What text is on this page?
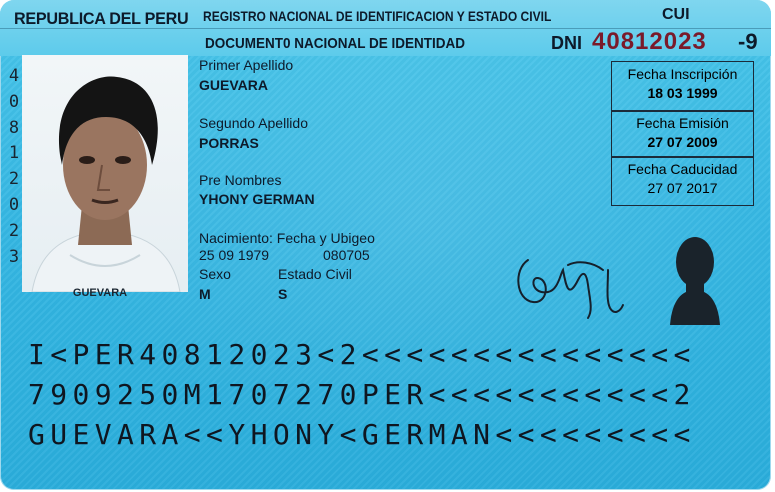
REPUBLICA DEL PERU REGISTRO NACIONAL DE IDENTIFICACION Y ESTADO CIVIL	CUI
DOCUMENT0 NACIONAL DE IDENTIDAD	DNI 40812023 -9
4
0
8
1
2
0
2
3
GUEVARA
Primer Apellido
GUEVARA
Segundo Apellido
PORRAS
Pre Nombres
YHONY GERMAN
Nacimiento: Fecha y Ubigeo
25 09 1979	080705
Sexo	Estado Civil
M	S
Fecha Inscripción
18 03 1999
Fecha Emisión
27 07 2009
Fecha Caducidad
27 07 2017
I<PER40812023<2<<<<<<<<<<<<<<<
7909250M1707270PER<<<<<<<<<<<2
GUEVARA<<YHONY<GERMAN<<<<<<<<<
